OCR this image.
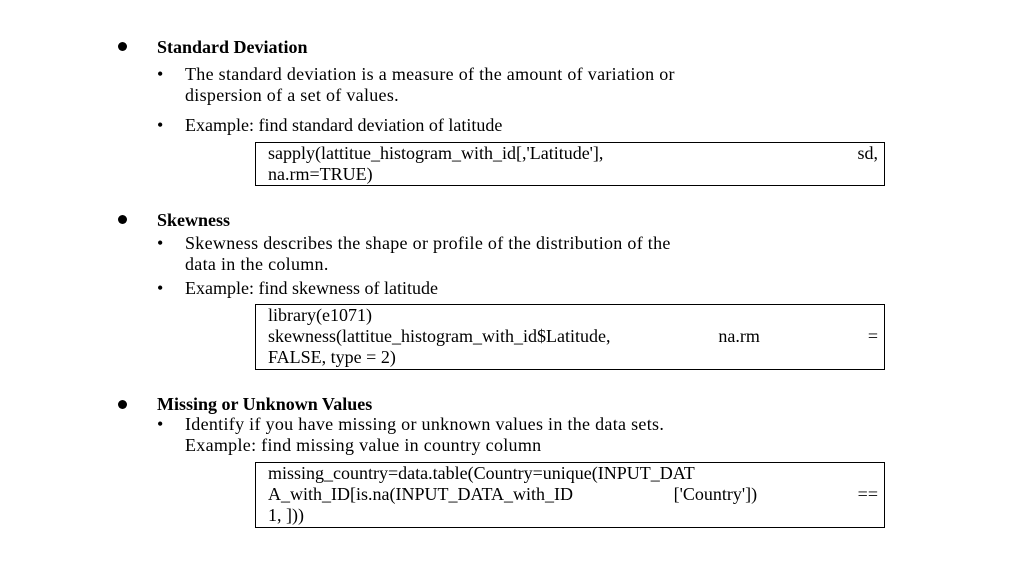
Standard Deviation
• The standard deviation is a measure of the amount of variation or
dispersion of a set of values.
• Example: find standard deviation of latitude
sapply(lattitue_histogram_with_id[,'Latitude'],	sd,
na.rm=TRUE)
Skewness
• Skewness describes the shape or profile of the distribution of the
data in the column.
• Example: find skewness of latitude
library(e1071)
skewness(lattitue_histogram_with_id$Latitude,	na.rm	=
FALSE, type = 2)
Missing or Unknown Values
• Identify if you have missing or unknown values in the data sets.
Example: find missing value in country column
missing_country=data.table(Country=unique(INPUT_DAT
A_with_ID[is.na(INPUT_DATA_with_ID	['Country'])	==
1, ]))
